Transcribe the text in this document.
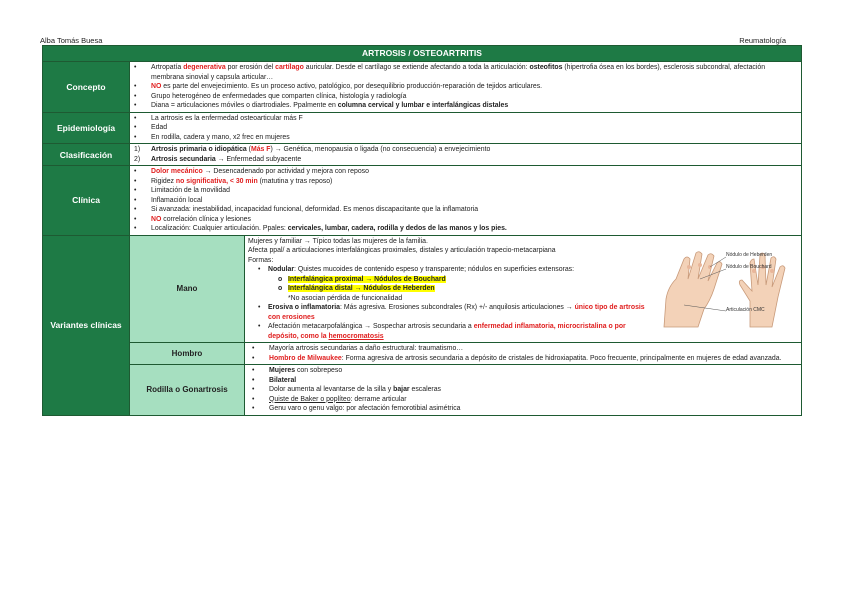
Alba Tomás Buesa	Reumatología
ARTROSIS / OSTEOARTRITIS
Concepto
• Artropatía degenerativa por erosión del cartílago auricular. Desde el cartílago se extiende afectando a toda la articulación: osteofitos (hipertrofia ósea en los bordes), esclerosis subcondral, afectación membrana sinovial y capsula articular…
• NO es parte del envejecimiento. Es un proceso activo, patológico, por desequilibrio producción-reparación de tejidos articulares.
• Grupo heterogéneo de enfermedades que comparten clínica, histología y radiología
• Diana = articulaciones móviles o diartrodiales. Ppalmente en columna cervical y lumbar e interfalángicas distales
Epidemiología
• La artrosis es la enfermedad osteoarticular más F
• Edad
• En rodilla, cadera y mano, x2 frec en mujeres
Clasificación	1) Artrosis primaria o idiopática (Más F) → Genética, menopausia o ligada (no consecuencia) a envejecimiento
2) Artrosis secundaria → Enfermedad subyacente
Clínica
• Dolor mecánico → Desencadenado por actividad y mejora con reposo
• Rigidez no significativa, < 30 min (matutina y tras reposo)
• Limitación de la movilidad
• Inflamación local
• Si avanzada: inestabilidad, incapacidad funcional, deformidad. Es menos discapacitante que la inflamatoria
• NO correlación clínica y lesiones
• Localización: Cualquier articulación. Ppales: cervicales, lumbar, cadera, rodilla y dedos de las manos y los pies.
Variantes clínicas
Mano
Mujeres y familiar → Típico todas las mujeres de la familia.
Afecta ppal/ a articulaciones interfalángicas proximales, distales y articulación trapecio-metacarpiana
Formas:
• Nodular: Quistes mucoides de contenido espeso y transparente; nódulos en superficies extensoras:
o Interfalángica proximal → Nódulos de Bouchard
o Interfalángica distal → Nódulos de Heberden
*No asocian pérdida de funcionalidad
• Erosiva o inflamatoria: Más agresiva. Erosiones subcondrales (Rx) +/- anquilosis articulaciones → único tipo de artrosis con erosiones
• Afectación metacarpofalángica → Sospechar artrosis secundaria a enfermedad inflamatoria, microcristalina o por depósito, como la hemocromatosis
Nódulo de Heberden
Nódulo de Bouchard
Articulación CMC
Hombro
• Mayoría artrosis secundarias a daño estructural: traumatismo…
• Hombro de Milwaukee: Forma agresiva de artrosis secundaria a depósito de cristales de hidroxiapatita. Poco frecuente, principalmente en mujeres de edad avanzada.
Rodilla o Gonartrosis
• Mujeres con sobrepeso
• Bilateral
• Dolor aumenta al levantarse de la silla y bajar escaleras
• Quiste de Baker o poplíteo: derrame articular
• Genu varo o genu valgo: por afectación femorotibial asimétrica
